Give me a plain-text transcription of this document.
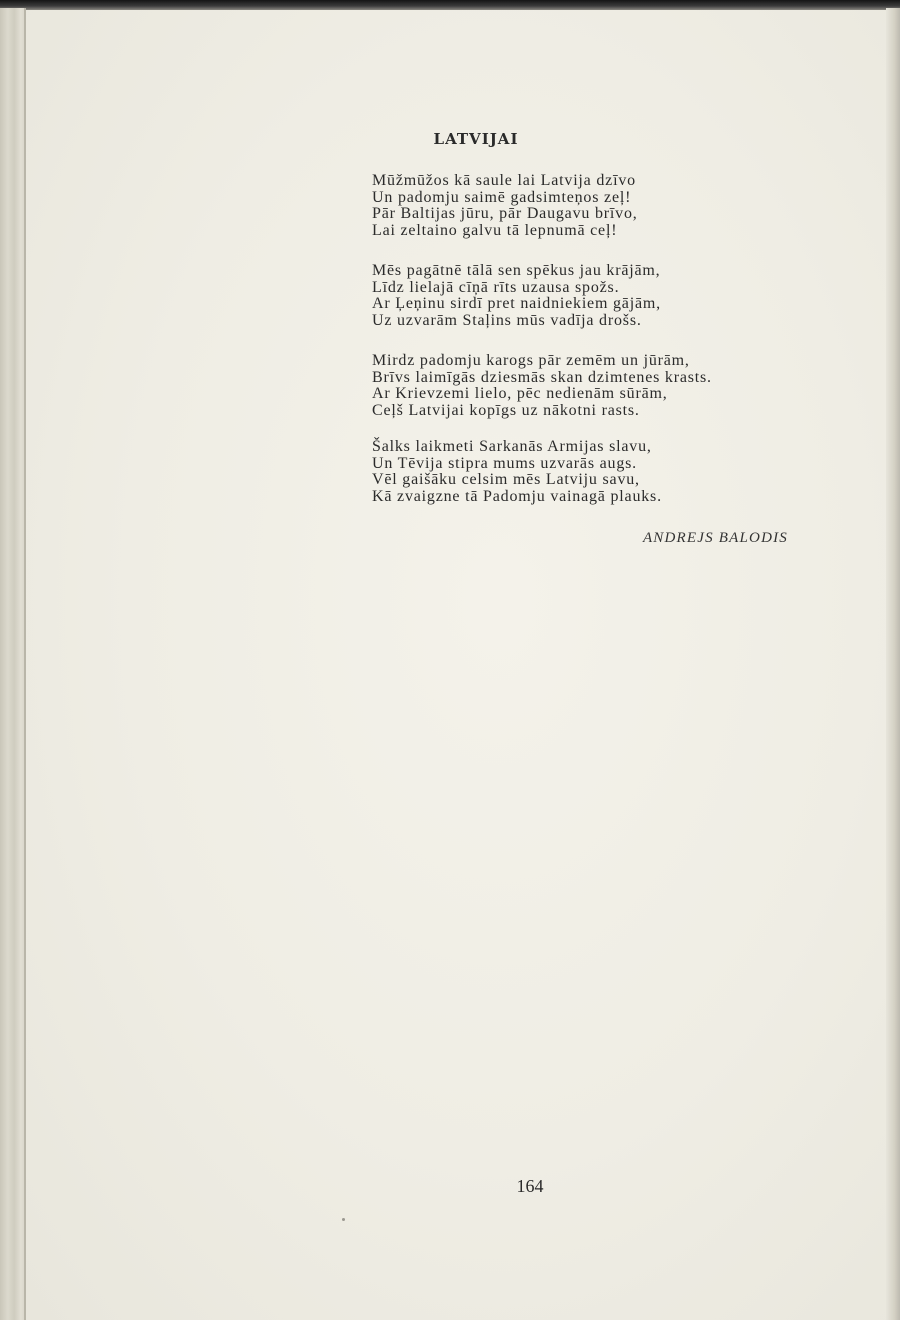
LATVIJAI
Mūžmūžos kā saule lai Latvija dzīvo
Un padomju saimē gadsimteņos zeļ!
Pār Baltijas jūru, pār Daugavu brīvo,
Lai zeltaino galvu tā lepnumā ceļ!
Mēs pagātnē tālā sen spēkus jau krājām,
Līdz lielajā cīņā rīts uzausa spožs.
Ar Ļeņinu sirdī pret naidniekiem gājām,
Uz uzvarām Staļins mūs vadīja drošs.
Mirdz padomju karogs pār zemēm un jūrām,
Brīvs laimīgās dziesmās skan dzimtenes krasts.
Ar Krievzemi lielo, pēc nedienām sūrām,
Ceļš Latvijai kopīgs uz nākotni rasts.
Šalks laikmeti Sarkanās Armijas slavu,
Un Tēvija stipra mums uzvarās augs.
Vēl gaišāku celsim mēs Latviju savu,
Kā zvaigzne tā Padomju vainagā plauks.
ANDREJS BALODIS
164
